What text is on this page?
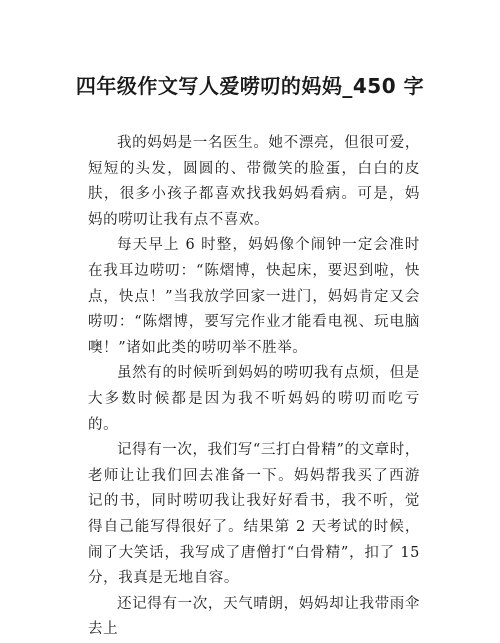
四年级作文写人爱唠叨的妈妈_450 字

我的妈妈是一名医生。她不漂亮，但很可爱，短短的头发，圆圆的、带微笑的脸蛋，白白的皮肤，很多小孩子都喜欢找我妈妈看病。可是，妈妈的唠叨让我有点不喜欢。

每天早上 6 时整，妈妈像个闹钟一定会准时在我耳边唠叨：“陈熠博，快起床，要迟到啦，快点，快点！”当我放学回家一进门，妈妈肯定又会唠叨：“陈熠博，要写完作业才能看电视、玩电脑噢！”诸如此类的唠叨举不胜举。

虽然有的时候听到妈妈的唠叨我有点烦，但是大多数时候都是因为我不听妈妈的唠叨而吃亏的。

记得有一次，我们写“三打白骨精”的文章时，老师让让我们回去准备一下。妈妈帮我买了西游记的书，同时唠叨我让我好好看书，我不听，觉得自己能写得很好了。结果第 2 天考试的时候，闹了大笑话，我写成了唐僧打“白骨精”，扣了 15 分，我真是无地自容。

还记得有一次，天气晴朗，妈妈却让我带雨伞去上
